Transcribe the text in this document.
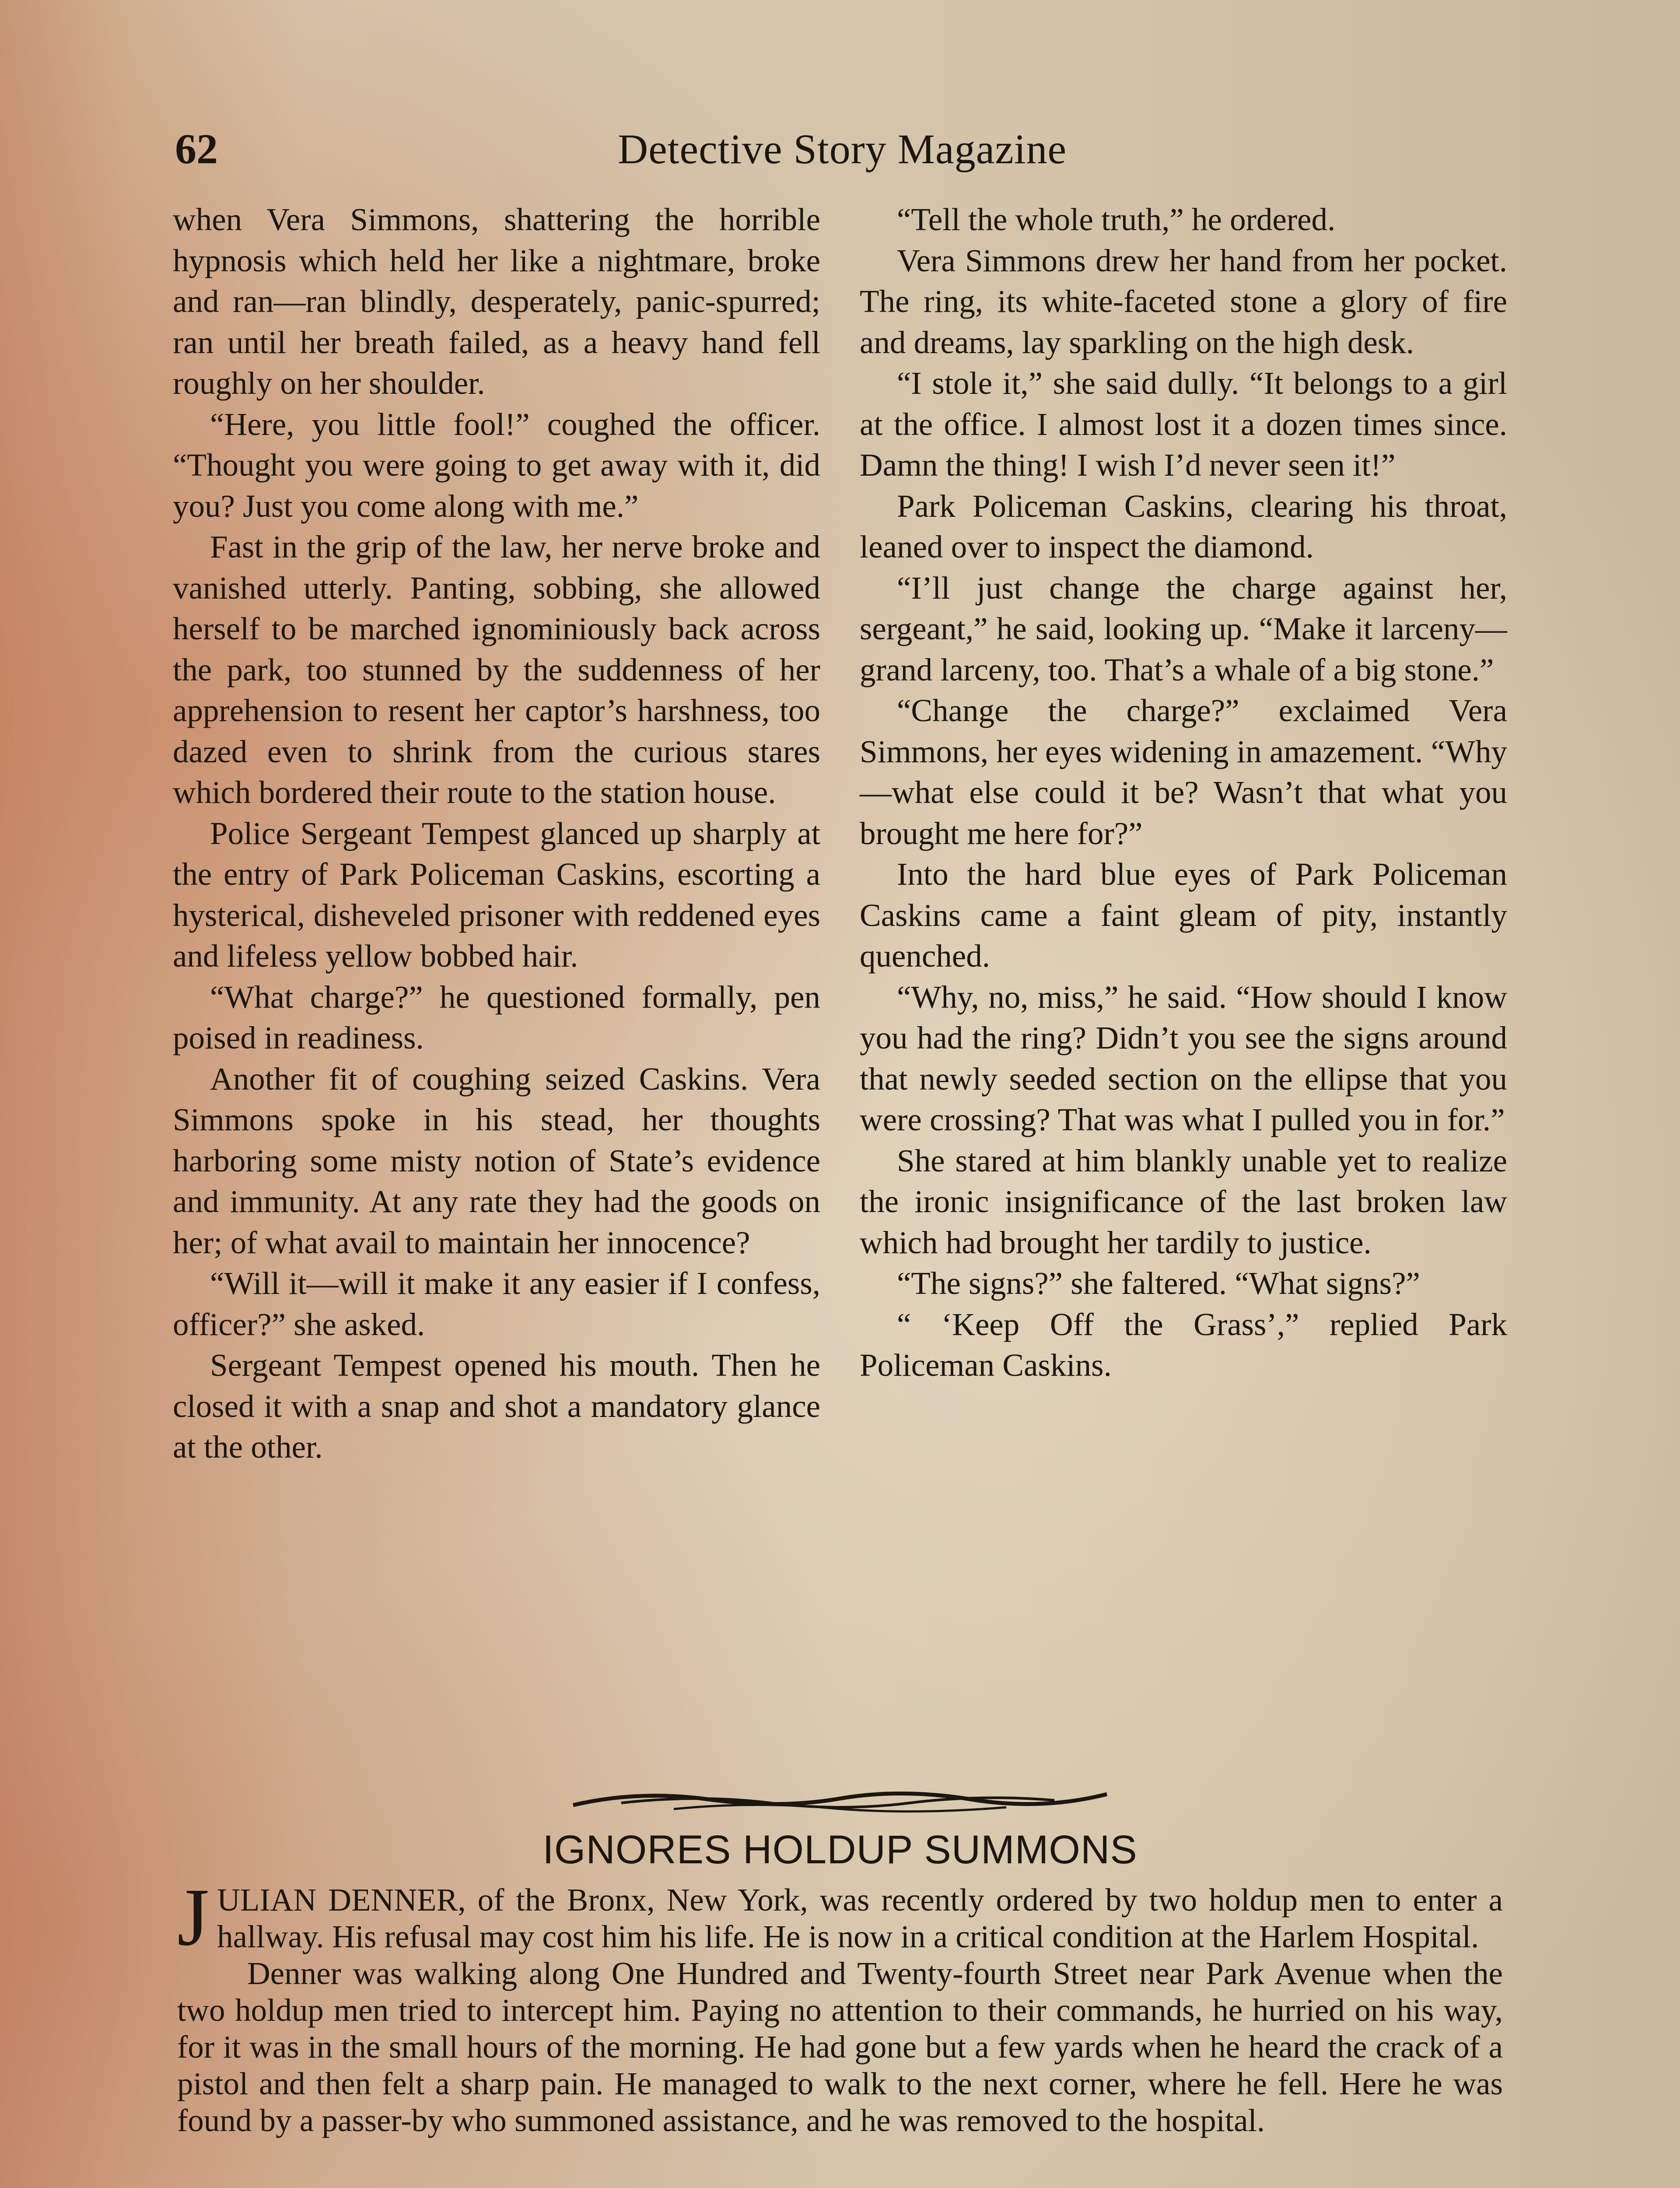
62	Detective Story Magazine

when Vera Simmons, shattering the horrible hypnosis which held her like a nightmare, broke and ran—ran blindly, desperately, panic-spurred; ran until her breath failed, as a heavy hand fell roughly on her shoulder.

“Here, you little fool!” coughed the officer. “Thought you were going to get away with it, did you? Just you come along with me.”

Fast in the grip of the law, her nerve broke and vanished utterly. Panting, sobbing, she allowed herself to be marched ignominiously back across the park, too stunned by the suddenness of her apprehension to resent her captor’s harshness, too dazed even to shrink from the curious stares which bordered their route to the station house.

Police Sergeant Tempest glanced up sharply at the entry of Park Policeman Caskins, escorting a hysterical, disheveled prisoner with reddened eyes and lifeless yellow bobbed hair.

“What charge?” he questioned formally, pen poised in readiness.

Another fit of coughing seized Caskins. Vera Simmons spoke in his stead, her thoughts harboring some misty notion of State’s evidence and immunity. At any rate they had the goods on her; of what avail to maintain her innocence?

“Will it—will it make it any easier if I confess, officer?” she asked.

Sergeant Tempest opened his mouth. Then he closed it with a snap and shot a mandatory glance at the other.

“Tell the whole truth,” he ordered.

Vera Simmons drew her hand from her pocket. The ring, its white-faceted stone a glory of fire and dreams, lay sparkling on the high desk.

“I stole it,” she said dully. “It belongs to a girl at the office. I almost lost it a dozen times since. Damn the thing! I wish I’d never seen it!”

Park Policeman Caskins, clearing his throat, leaned over to inspect the diamond.

“I’ll just change the charge against her, sergeant,” he said, looking up. “Make it larceny—grand larceny, too. That’s a whale of a big stone.”

“Change the charge?” exclaimed Vera Simmons, her eyes widening in amazement. “Why—what else could it be? Wasn’t that what you brought me here for?”

Into the hard blue eyes of Park Policeman Caskins came a faint gleam of pity, instantly quenched.

“Why, no, miss,” he said. “How should I know you had the ring? Didn’t you see the signs around that newly seeded section on the ellipse that you were crossing? That was what I pulled you in for.”

She stared at him blankly unable yet to realize the ironic insignificance of the last broken law which had brought her tardily to justice.

“The signs?” she faltered. “What signs?”

“ ‘Keep Off the Grass’,” replied Park Policeman Caskins.

IGNORES HOLDUP SUMMONS

JULIAN DENNER, of the Bronx, New York, was recently ordered by two holdup men to enter a hallway. His refusal may cost him his life. He is now in a critical condition at the Harlem Hospital.

Denner was walking along One Hundred and Twenty-fourth Street near Park Avenue when the two holdup men tried to intercept him. Paying no attention to their commands, he hurried on his way, for it was in the small hours of the morning. He had gone but a few yards when he heard the crack of a pistol and then felt a sharp pain. He managed to walk to the next corner, where he fell. Here he was found by a passer-by who summoned assistance, and he was removed to the hospital.
